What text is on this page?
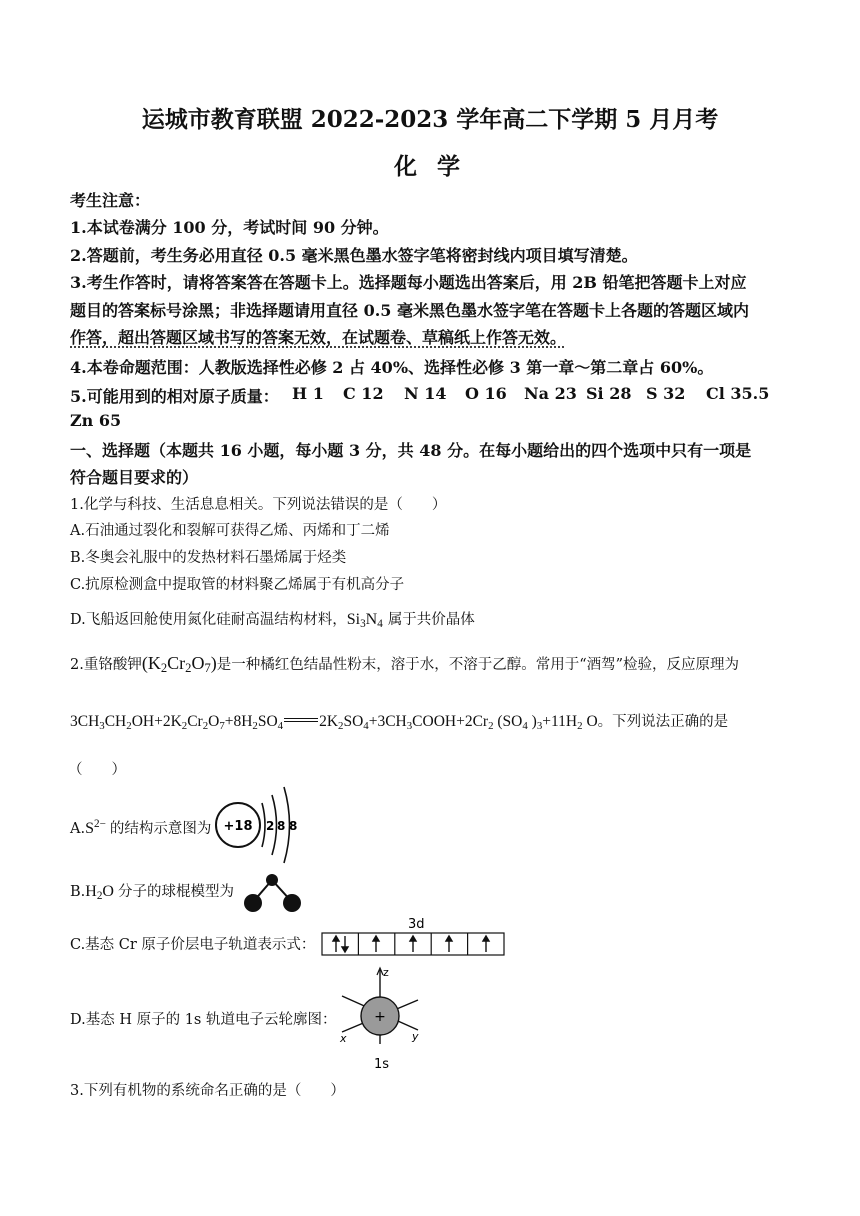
运城市教育联盟 2022-2023 学年高二下学期 5 月月考
化 学
考生注意：
1.本试卷满分 100 分，考试时间 90 分钟。
2.答题前，考生务必用直径 0.5 毫米黑色墨水签字笔将密封线内项目填写清楚。
3.考生作答时，请将答案答在答题卡上。选择题每小题选出答案后，用 2B 铅笔把答题卡上对应
题目的答案标号涂黑；非选择题请用直径 0.5 毫米黑色墨水签字笔在答题卡上各题的答题区域内
作答，超出答题区域书写的答案无效，在试题卷、草稿纸上作答无效。
4.本卷命题范围：人教版选择性必修 2 占 40%、选择性必修 3 第一章～第二章占 60%。
5.可能用到的相对原子质量： H 1 C 12 N 14 O 16 Na 23 Si 28 S 32 Cl 35.5
Zn 65
一、选择题（本题共 16 小题，每小题 3 分，共 48 分。在每小题给出的四个选项中只有一项是
符合题目要求的）
1.化学与科技、生活息息相关。下列说法错误的是（　　）
A.石油通过裂化和裂解可获得乙烯、丙烯和丁二烯
B.冬奥会礼服中的发热材料石墨烯属于烃类
C.抗原检测盒中提取管的材料聚乙烯属于有机高分子
D.飞船返回舱使用氮化硅耐高温结构材料，$Si_3N_4$ 属于共价晶体
2.重铬酸钾$(K_2Cr_2O_7)$是一种橘红色结晶性粉末，溶于水，不溶于乙醇。常用于“酒驾”检验，反应原理为
$3CH_3CH_2OH+2K_2Cr_2O_7+8H_2SO_4$ $2K_2SO_4+3CH_3COOH+2Cr_2$ ($SO_4$ )$_3+11H_2$ O。下列说法正确的是
（　　）
$A.S^{2-}$ 的结构示意图为 +18 2 8 8
$B.H_2O$ 分子的球棍模型为
C.基态 Cr 原子价层电子轨道表示式：
3d
D.基态 H 原子的 1s 轨道电子云轮廓图：
z
+
x	y
1s
3.下列有机物的系统命名正确的是（　　）
